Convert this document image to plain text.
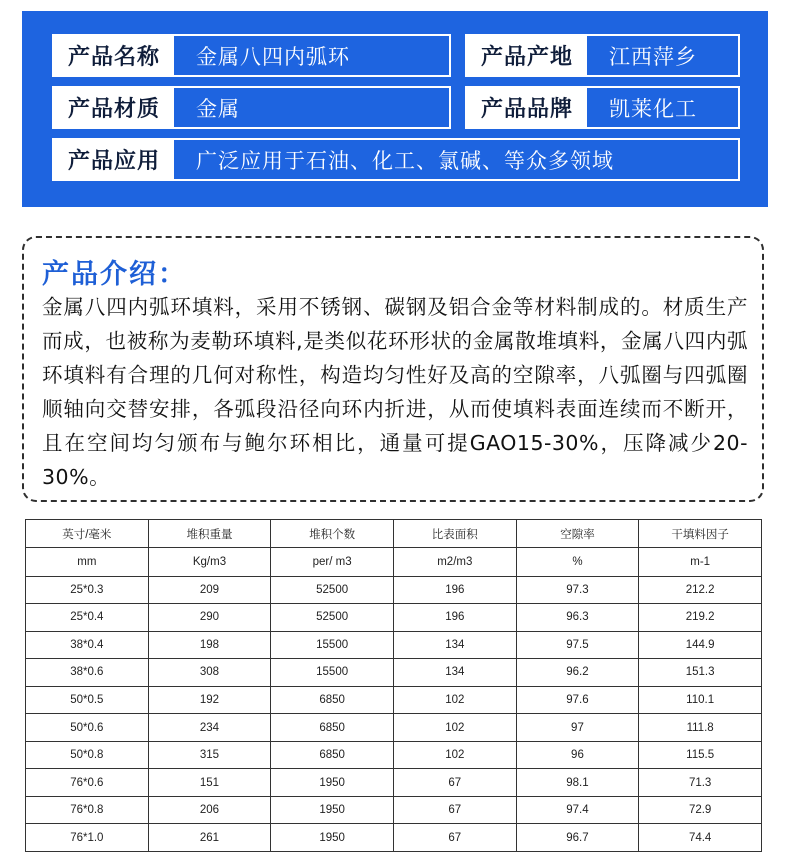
产品名称	金属八四内弧环	产品产地	江西萍乡
产品材质	金属	产品品牌	凯莱化工
产品应用	广泛应用于石油、化工、氯碱、等众多领域
产品介绍：
金属八四内弧环填料，采用不锈钢、碳钢及铝合金等材料制成的。材质生产而成，也被称为麦勒环填料,是类似花环形状的金属散堆填料，金属八四内弧环填料有合理的几何对称性，构造均匀性好及高的空隙率，八弧圈与四弧圈顺轴向交替安排，各弧段沿径向环内折进，从而使填料表面连续而不断开，且在空间均匀颁布与鲍尔环相比，通量可提GAO15-30%，压降减少20-30%。
英寸/毫米	堆积重量	堆积个数	比表面积	空隙率	干填料因子
mm	Kg/m3	per/ m3	m2/m3	%	m-1
25*0.3	209	52500	196	97.3	212.2
25*0.4	290	52500	196	96.3	219.2
38*0.4	198	15500	134	97.5	144.9
38*0.6	308	15500	134	96.2	151.3
50*0.5	192	6850	102	97.6	110.1
50*0.6	234	6850	102	97	111.8
50*0.8	315	6850	102	96	115.5
76*0.6	151	1950	67	98.1	71.3
76*0.8	206	1950	67	97.4	72.9
76*1.0	261	1950	67	96.7	74.4
